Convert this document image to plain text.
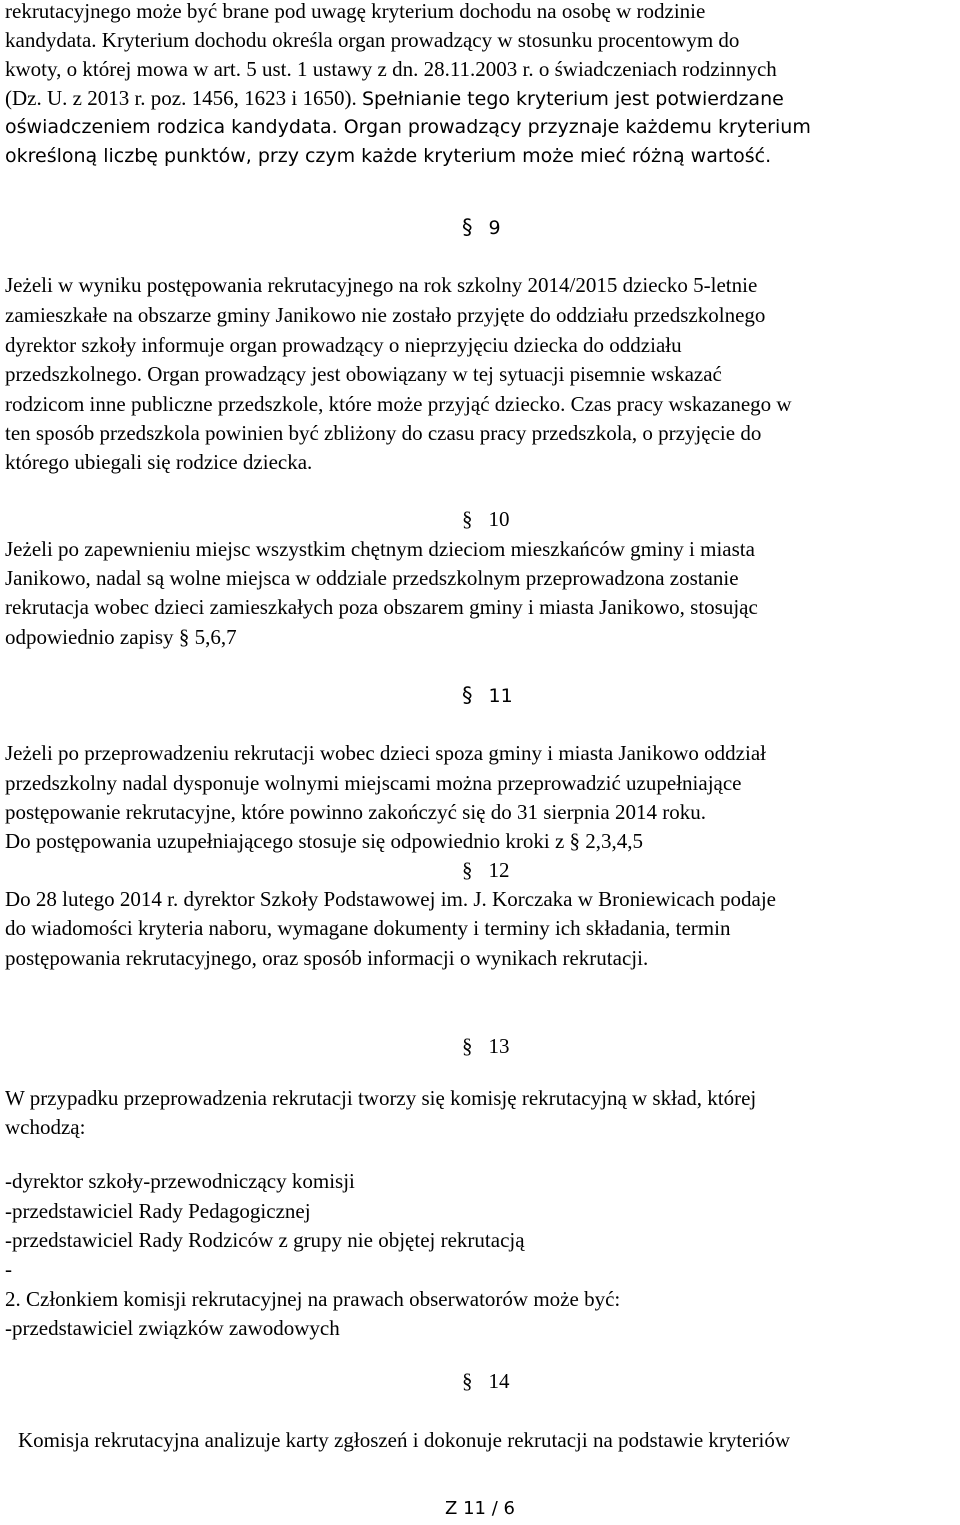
rekrutacyjnego może być brane pod uwagę kryterium dochodu na osobę w rodzinie
kandydata. Kryterium dochodu określa organ prowadzący w stosunku procentowym do
kwoty, o której mowa w art. 5 ust. 1 ustawy z dn. 28.11.2003 r. o świadczeniach rodzinnych
(Dz. U. z 2013 r. poz. 1456, 1623 i 1650). Spełnianie tego kryterium jest potwierdzane
oświadczeniem rodzica kandydata. Organ prowadzący przyznaje każdemu kryterium
określoną liczbę punktów, przy czym każde kryterium może mieć różną wartość.
§ 9
Jeżeli w wyniku postępowania rekrutacyjnego na rok szkolny 2014/2015 dziecko 5-letnie
zamieszkałe na obszarze gminy Janikowo nie zostało przyjęte do oddziału przedszkolnego
dyrektor szkoły informuje organ prowadzący o nieprzyjęciu dziecka do oddziału
przedszkolnego. Organ prowadzący jest obowiązany w tej sytuacji pisemnie wskazać
rodzicom inne publiczne przedszkole, które może przyjąć dziecko. Czas pracy wskazanego w
ten sposób przedszkola powinien być zbliżony do czasu pracy przedszkola, o przyjęcie do
którego ubiegali się rodzice dziecka.
§ 10
Jeżeli po zapewnieniu miejsc wszystkim chętnym dzieciom mieszkańców gminy i miasta
Janikowo, nadal są wolne miejsca w oddziale przedszkolnym przeprowadzona zostanie
rekrutacja wobec dzieci zamieszkałych poza obszarem gminy i miasta Janikowo, stosując
odpowiednio zapisy § 5,6,7
§ 11
Jeżeli po przeprowadzeniu rekrutacji wobec dzieci spoza gminy i miasta Janikowo oddział
przedszkolny nadal dysponuje wolnymi miejscami można przeprowadzić uzupełniające
postępowanie rekrutacyjne, które powinno zakończyć się do 31 sierpnia 2014 roku.
Do postępowania uzupełniającego stosuje się odpowiednio kroki z § 2,3,4,5
§ 12
Do 28 lutego 2014 r. dyrektor Szkoły Podstawowej im. J. Korczaka w Broniewicach podaje
do wiadomości kryteria naboru, wymagane dokumenty i terminy ich składania, termin
postępowania rekrutacyjnego, oraz sposób informacji o wynikach rekrutacji.
§ 13
W przypadku przeprowadzenia rekrutacji tworzy się komisję rekrutacyjną w skład, której
wchodzą:
-dyrektor szkoły-przewodniczący komisji
-przedstawiciel Rady Pedagogicznej
-przedstawiciel Rady Rodziców z grupy nie objętej rekrutacją
-
2. Członkiem komisji rekrutacyjnej na prawach obserwatorów może być:
-przedstawiciel związków zawodowych
§ 14
Komisja rekrutacyjna analizuje karty zgłoszeń i dokonuje rekrutacji na podstawie kryteriów
Z 11 / 6
